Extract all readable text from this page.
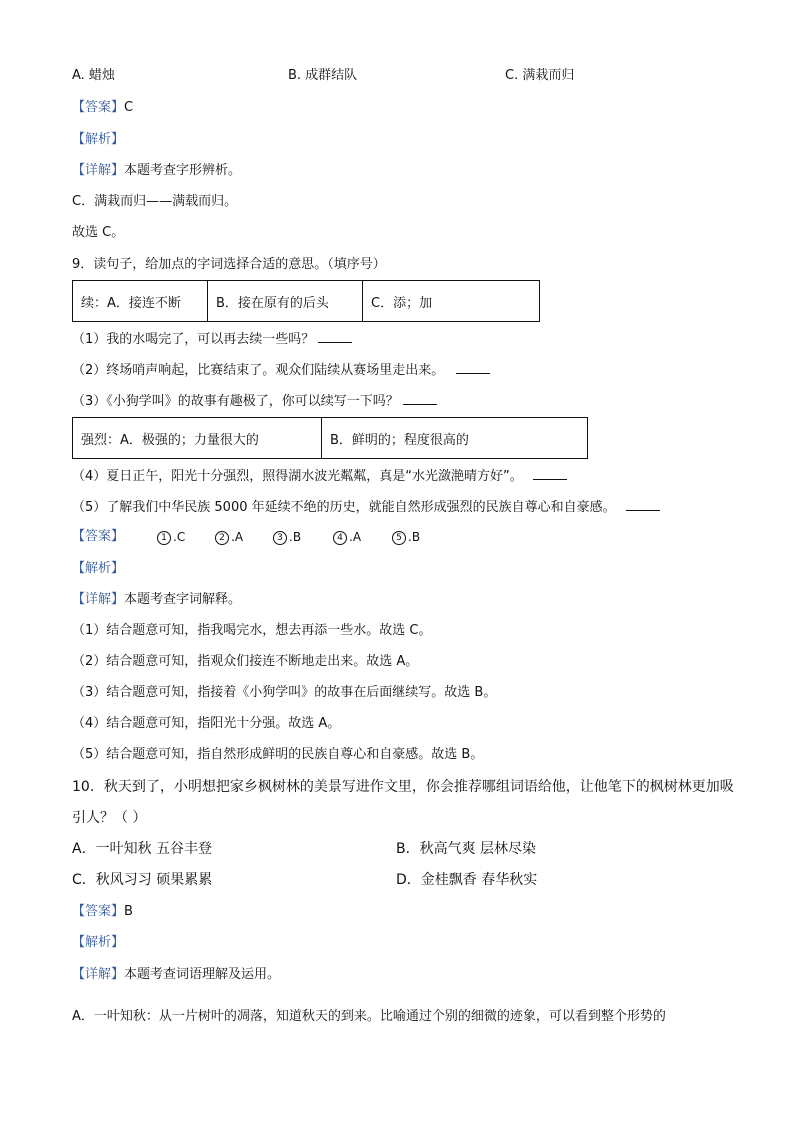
A. 蜡烛	B. 成群结队	C. 满栽而归
【答案】C
【解析】
【详解】本题考查字形辨析。
C．满栽而归——满载而归。
故选 C。
9．读句子，给加点的字词选择合适的意思。（填序号）
续：A．接连不断	B．接在原有的后头	C．添；加
（1）我的水喝完了，可以再去续一些吗？
（2）终场哨声响起，比赛结束了。观众们陆续从赛场里走出来。
（3）《小狗学叫》的故事有趣极了，你可以续写一下吗？
强烈：A．极强的；力量很大的	B．鲜明的；程度很高的
（4）夏日正午，阳光十分强烈，照得湖水波光粼粼，真是“水光潋滟晴方好”。
（5）了解我们中华民族 5000 年延续不绝的历史，就能自然形成强烈的民族自尊心和自豪感。
【答案】	1 .C	2 .A	3 .B	4 .A	5 .B
【解析】
【详解】本题考查字词解释。
（1）结合题意可知，指我喝完水，想去再添一些水。故选 C。
（2）结合题意可知，指观众们接连不断地走出来。故选 A。
（3）结合题意可知，指接着《小狗学叫》的故事在后面继续写。故选 B。
（4）结合题意可知，指阳光十分强。故选 A。
（5）结合题意可知，指自然形成鲜明的民族自尊心和自豪感。故选 B。
10．秋天到了，小明想把家乡枫树林的美景写进作文里，你会推荐哪组词语给他，让他笔下的枫树林更加吸
引人？（ ）
A．一叶知秋 五谷丰登	B．秋高气爽 层林尽染
C．秋风习习 硕果累累	D．金桂飘香 春华秋实
【答案】B
【解析】
【详解】本题考查词语理解及运用。
A．一叶知秋：从一片树叶的凋落，知道秋天的到来。比喻通过个别的细微的迹象，可以看到整个形势的
